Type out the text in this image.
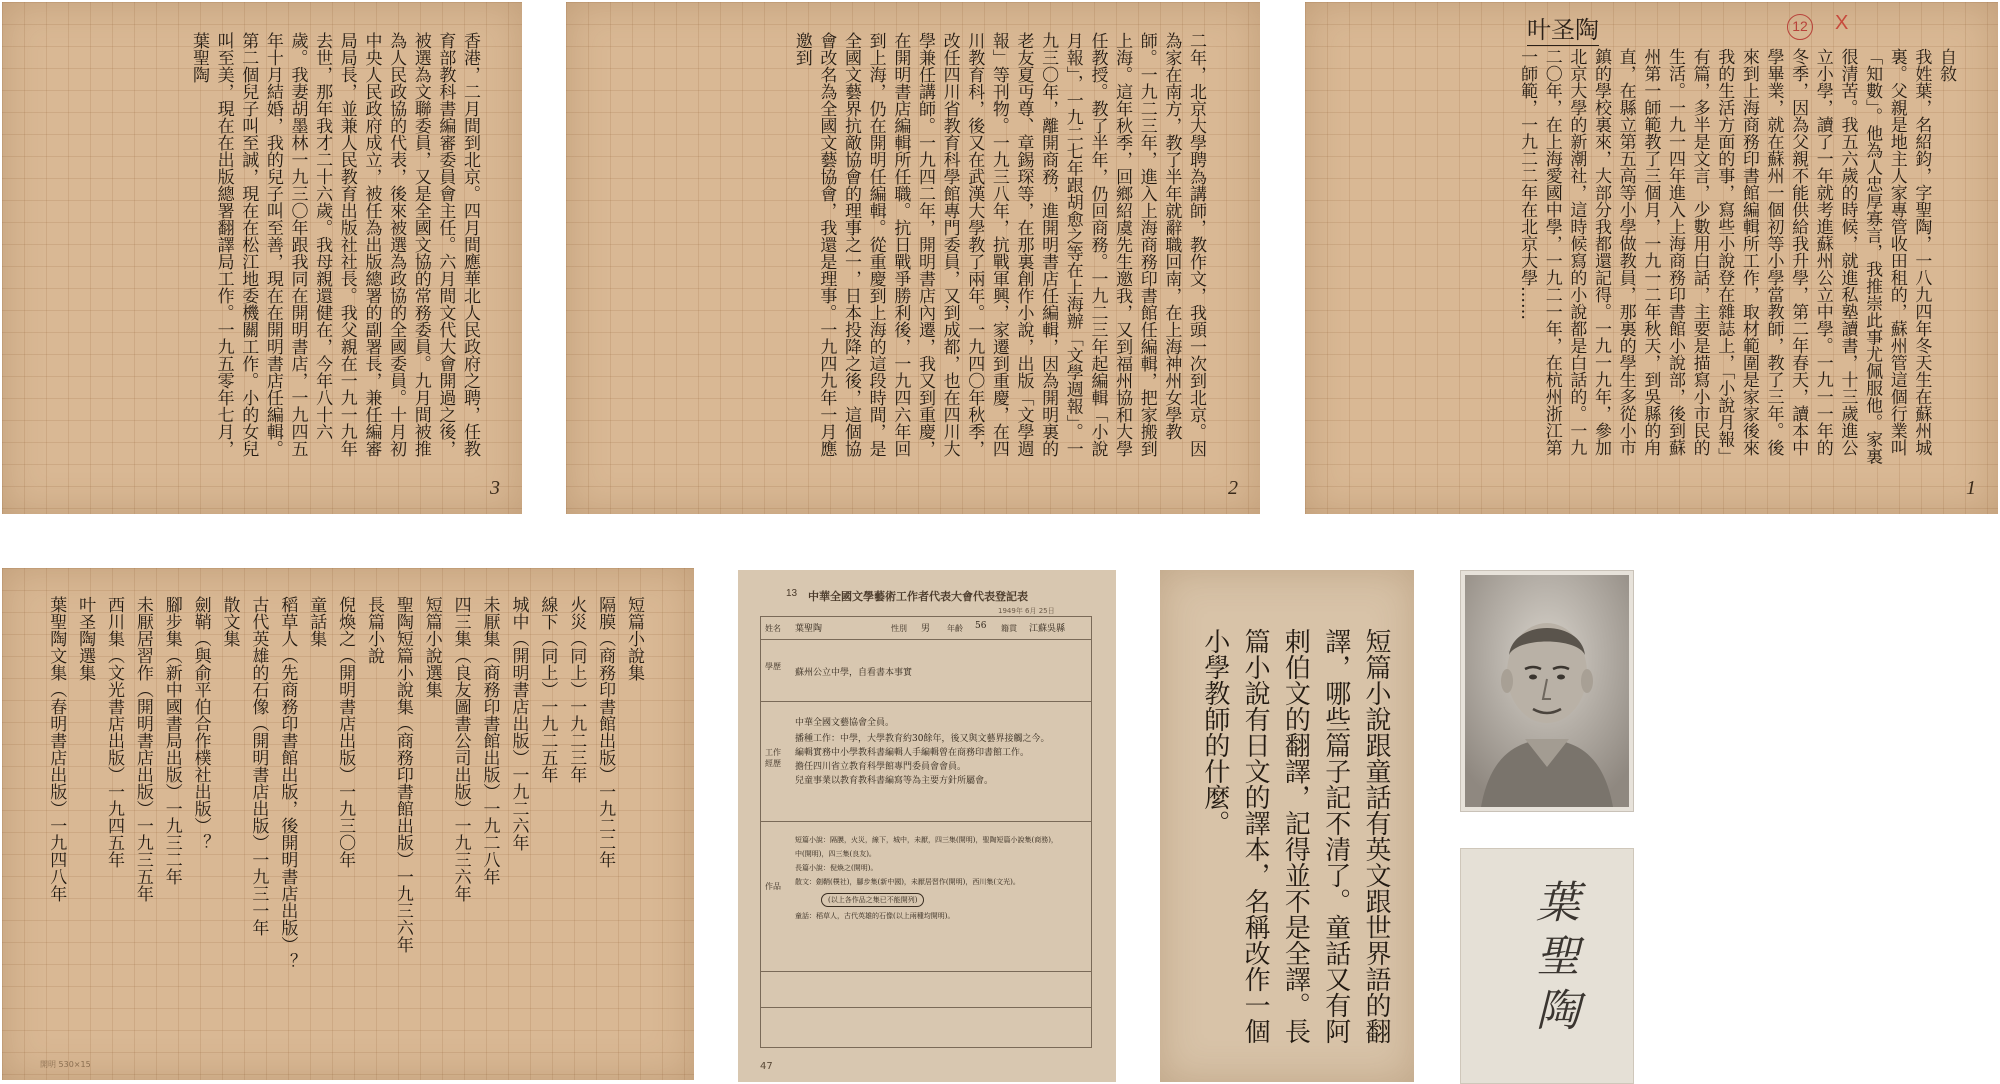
香港，二月間到北京。四月間應華北人民政府之聘，任教育部教科書編審委員會主任。六月間文代大會開過之後，被選為文聯委員，又是全國文協的常務委員。九月間被推為人民政協的代表，後來被選為政協的全國委員。十月初中央人民政府成立，被任為出版總署的副署長，兼任編審局局長，並兼人民教育出版社社長。我父親在一九一九年去世，那年我才二十六歲。我母親還健在，今年八十六歲。我妻胡墨林一九三〇年跟我同在開明書店，一九四五年十月結婚，我的兒子叫至善，現在在開明書店任編輯。第二個兒子叫至誠，現在在松江地委機關工作。小的女兒叫至美，現在在出版總署翻譯局工作。一九五零年七月，葉聖陶
3
二年，北京大學聘為講師，教作文，我頭一次到北京。因為家在南方，教了半年就辭職回南，在上海神州女學教師。一九二三年，進入上海商務印書館任編輯，把家搬到上海。這年秋季，回鄉紹虞先生邀我，又到福州協和大學任教授。教了半年，仍回商務。一九二三年起編輯「小說月報」，一九二七年跟胡愈之等在上海辦「文學週報」。一九三〇年，離開商務，進開明書店任編輯，因為開明裏的老友夏丏尊、章錫琛等，在那裏創作小說，出版「文學週報」等刊物。一九三八年，抗戰軍興，家遷到重慶，在四川教育科，後又在武漢大學教了兩年。一九四〇年秋季，改任四川省教育科學館專門委員，又到成都，也在四川大學兼任講師。一九四二年，開明書店內遷，我又到重慶，在開明書店編輯所任職。抗日戰爭勝利後，一九四六年回到上海，仍在開明任編輯。從重慶到上海的這段時間，是全國文藝界抗敵協會的理事之一，日本投降之後，這個協會改名為全國文藝協會，我還是理事。一九四九年一月應邀到
2
叶圣陶	12 X
自敘
我姓葉，名紹鈞，字聖陶，一八九四年冬天生在蘇州城裏。父親是地主人家專管收田租的，蘇州管這個行業叫「知數」。他為人忠厚寡言，我推崇此事尤佩服他。家裏很清苦。我五六歲的時候，就進私塾讀書，十三歲進公立小學，讀了一年就考進蘇州公立中學。一九一一年的冬季，因為父親不能供給我升學，第二年春天，讀本中學畢業，就在蘇州一個初等小學當教師，教了三年。後來到上海商務印書館編輯所工作，取材範圍是家家後來我的生活方面的事，寫些小說登在雜誌上，「小說月報」有篇，多半是文言，少數用白話，主要是描寫小市民的生活。一九一四年進入上海商務印書館小說部，後到蘇州第一師範教了三個月，一九一二年秋天，到吳縣的甪直，在縣立第五高等小學做教員，那裏的學生多從小市鎮的學校裏來，大部分我都還記得。一九一九年，參加北京大學的新潮社，這時候寫的小說都是白話的。一九二〇年，在上海愛國中學，一九二一年，在杭州浙江第一師範，一九二二年在北京大學……
1
短篇小說集
隔膜（商務印書館出版）一九二二年
火災（同上）一九二三年
線下（同上）一九二五年
城中（開明書店出版）一九二六年
未厭集（商務印書館出版）一九二八年
四三集（良友圖書公司出版）一九三六年
短篇小說選集
聖陶短篇小說集（商務印書館出版）一九三六年
長篇小說
倪煥之（開明書店出版）一九三〇年
童話集
稻草人（先商務印書館出版，後開明書店出版）？
古代英雄的石像（開明書店出版）一九三一年
散文集
劍鞘（與俞平伯合作樸社出版）？
腳步集（新中國書局出版）一九三二年
未厭居習作（開明書店出版）一九三五年
西川集（文光書店出版）一九四五年
叶圣陶選集
葉聖陶文集（春明書店出版）一九四八年
開明 530×15
13 中華全國文學藝術工作者代表大會代表登記表
1949年 6月 25日
姓名 葉聖陶	性別 男 年齡 56 籍貫 江蘇吳縣
學歷
蘇州公立中學，自看書本事實
工作經歷
中華全國文藝協會全員。
播種工作：中學，大學教育約30餘年，後又與文藝界接觸之今。
編輯實務中小學教科書編輯人手編輯曾在商務印書館工作。
擔任四川省立教育科學館專門委員會會員。
兒童事業以教育教科書編寫等為主要方針所屬會。
作品
短篇小說：隔膜，火災，線下，城中，未厭，四三集(開明)，聖陶短篇小說集(商務)，
中(開明)，四三集(良友)。
長篇小說：倪煥之(開明)。
散文：劍鞘(樸社)，腳步集(新中國)，未厭居習作(開明)，西川集(文光)。
(以上各作品之集已不能開列)
童話：稻草人，古代英雄的石像(以上兩種均開明)。
47
短篇小說跟童話有英文跟世界語的翻譯，哪些篇子記不清了。童話又有阿剌伯文的翻譯，記得並不是全譯。長篇小說有日文的譯本，名稱改作一個小學教師的什麼。
葉聖陶
